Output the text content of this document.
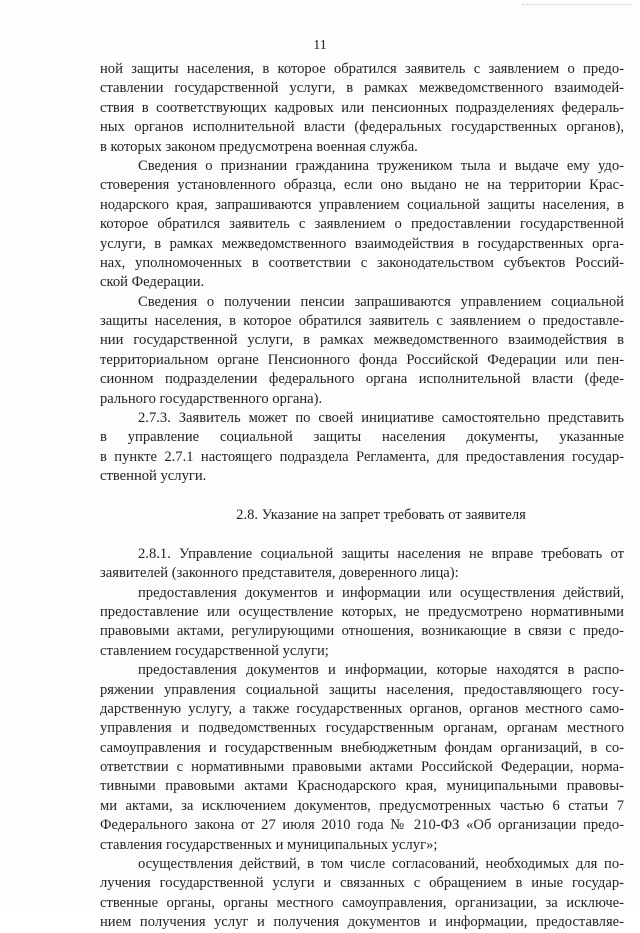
11
ной защиты населения, в которое обратился заявитель с заявлением о предо-
ставлении государственной услуги, в рамках межведомственного взаимодей-
ствия в соответствующих кадровых или пенсионных подразделениях федераль-
ных органов исполнительной власти (федеральных государственных органов),
в которых законом предусмотрена военная служба.
Сведения о признании гражданина тружеником тыла и выдаче ему удо-
стоверения установленного образца, если оно выдано не на территории Крас-
нодарского края, запрашиваются управлением социальной защиты населения, в
которое обратился заявитель с заявлением о предоставлении государственной
услуги, в рамках межведомственного взаимодействия в государственных орга-
нах, уполномоченных в соответствии с законодательством субъектов Россий-
ской Федерации.
Сведения о получении пенсии запрашиваются управлением социальной
защиты населения, в которое обратился заявитель с заявлением о предоставле-
нии государственной услуги, в рамках межведомственного взаимодействия в
территориальном органе Пенсионного фонда Российской Федерации или пен-
сионном подразделении федерального органа исполнительной власти (феде-
рального государственного органа).
2.7.3. Заявитель может по своей инициативе самостоятельно представить
в управление социальной защиты населения документы, указанные
в пункте 2.7.1 настоящего подраздела Регламента, для предоставления государ-
ственной услуги.
2.8. Указание на запрет требовать от заявителя
2.8.1. Управление социальной защиты населения не вправе требовать от
заявителей (законного представителя, доверенного лица):
предоставления документов и информации или осуществления действий,
предоставление или осуществление которых, не предусмотрено нормативными
правовыми актами, регулирующими отношения, возникающие в связи с предо-
ставлением государственной услуги;
предоставления документов и информации, которые находятся в распо-
ряжении управления социальной защиты населения, предоставляющего госу-
дарственную услугу, а также государственных органов, органов местного само-
управления и подведомственных государственным органам, органам местного
самоуправления и государственным внебюджетным фондам организаций, в со-
ответствии с нормативными правовыми актами Российской Федерации, норма-
тивными правовыми актами Краснодарского края, муниципальными правовы-
ми актами, за исключением документов, предусмотренных частью 6 статьи 7
Федерального закона от 27 июля 2010 года № 210-ФЗ «Об организации предо-
ставления государственных и муниципальных услуг»;
осуществления действий, в том числе согласований, необходимых для по-
лучения государственной услуги и связанных с обращением в иные государ-
ственные органы, органы местного самоуправления, организации, за исключе-
нием получения услуг и получения документов и информации, предоставляе-
